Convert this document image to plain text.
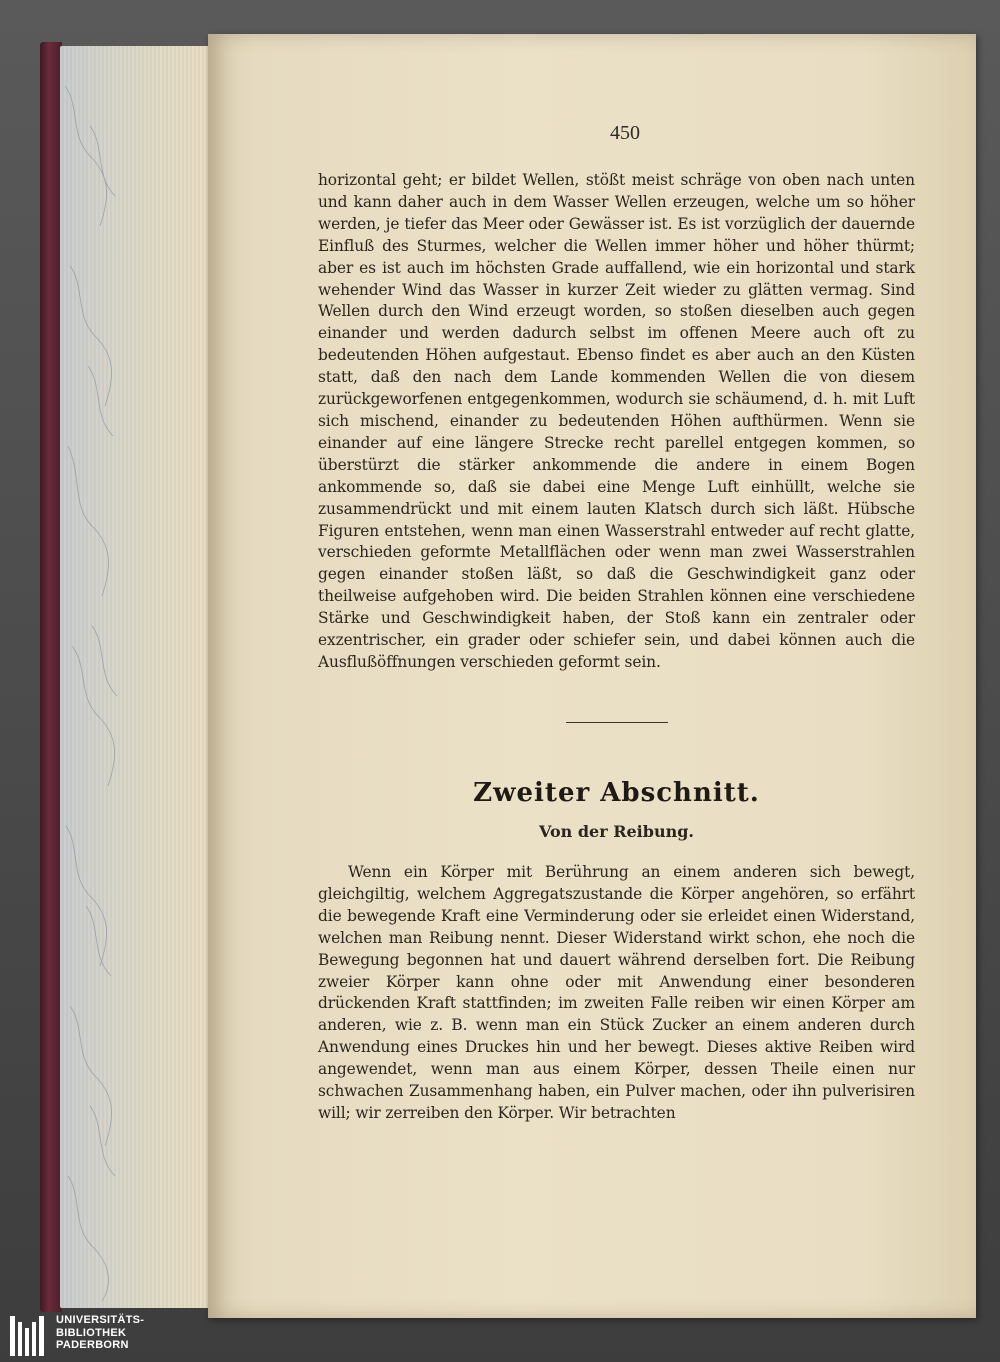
450

horizontal geht; er bildet Wellen, stößt meist schräge von oben nach unten und kann daher auch in dem Wasser Wellen erzeugen, welche um so höher werden, je tiefer das Meer oder Gewässer ist. Es ist vorzüglich der dauernde Einfluß des Sturmes, welcher die Wellen immer höher und höher thürmt; aber es ist auch im höchsten Grade auffallend, wie ein horizontal und stark wehender Wind das Wasser in kurzer Zeit wieder zu glätten vermag. Sind Wellen durch den Wind erzeugt worden, so stoßen dieselben auch gegen einander und werden dadurch selbst im offenen Meere auch oft zu bedeutenden Höhen aufgestaut. Ebenso findet es aber auch an den Küsten statt, daß den nach dem Lande kommenden Wellen die von diesem zurückgeworfenen entgegenkommen, wodurch sie schäumend, d. h. mit Luft sich mischend, einander zu bedeutenden Höhen aufthürmen. Wenn sie einander auf eine längere Strecke recht parellel entgegen kommen, so überstürzt die stärker ankommende die andere in einem Bogen ankommende so, daß sie dabei eine Menge Luft einhüllt, welche sie zusammendrückt und mit einem lauten Klatsch durch sich läßt. Hübsche Figuren entstehen, wenn man einen Wasserstrahl entweder auf recht glatte, verschieden geformte Metallflächen oder wenn man zwei Wasserstrahlen gegen einander stoßen läßt, so daß die Geschwindigkeit ganz oder theilweise aufgehoben wird. Die beiden Strahlen können eine verschiedene Stärke und Geschwindigkeit haben, der Stoß kann ein zentraler oder exzentrischer, ein grader oder schiefer sein, und dabei können auch die Ausflußöffnungen verschieden geformt sein.

Zweiter Abschnitt.
Von der Reibung.

Wenn ein Körper mit Berührung an einem anderen sich bewegt, gleichgiltig, welchem Aggregatszustande die Körper angehören, so erfährt die bewegende Kraft eine Verminderung oder sie erleidet einen Widerstand, welchen man Reibung nennt. Dieser Widerstand wirkt schon, ehe noch die Bewegung begonnen hat und dauert während derselben fort. Die Reibung zweier Körper kann ohne oder mit Anwendung einer besonderen drückenden Kraft stattfinden; im zweiten Falle reiben wir einen Körper am anderen, wie z. B. wenn man ein Stück Zucker an einem anderen durch Anwendung eines Druckes hin und her bewegt. Dieses aktive Reiben wird angewendet, wenn man aus einem Körper, dessen Theile einen nur schwachen Zusammenhang haben, ein Pulver machen, oder ihn pulverisiren will; wir zerreiben den Körper. Wir betrachten

UNIVERSITÄTS-
BIBLIOTHEK
PADERBORN
